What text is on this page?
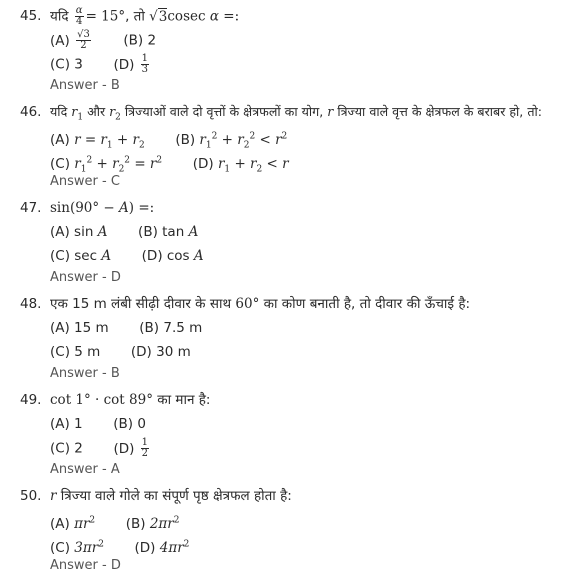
45. यदि $\frac{\alpha}{4} = 15^\circ$, तो √3cosec α =:
$(A) \frac{√3}{2} (B)$ 2
(C) 3 $(D) \frac{1}{3}$
Answer - B
46. यदि $r_1$ और $r_2$ त्रिज्याओं वाले दो वृत्तों के क्षेत्रफलों का योग, r त्रिज्या वाले वृत्त के क्षेत्रफल के बराबर हो, तो:
(A) $r = r_1 + r_2$ (B) $r_1^2 + r_2^2 < r^2$
(C) $r_1^2 + r_2^2 = r^2$ (D) $r_1 + r_2 < r$
Answer - C
47. sin(90° − A) =:
(A) sin A (B) tan A
(C) sec A (D) cos A
Answer - D
48. एक 15 m लंबी सीढ़ी दीवार के साथ 60° का कोण बनाती है, तो दीवार की ऊँचाई है:
(A) 15 m (B) 7.5 m
(C) 5 m (D) 30 m
Answer - B
49. cot 1° · cot 89° का मान है:
(A) 1 (B) 0
(C) 2 $(D) \frac{1}{2}$
Answer - A
50. r त्रिज्या वाले गोले का संपूर्ण पृष्ठ क्षेत्रफल होता है:
(A) $\pi r^2$ (B) $2\pi r^2$
(C) $3\pi r^2$ (D) $4\pi r^2$
Answer - D
